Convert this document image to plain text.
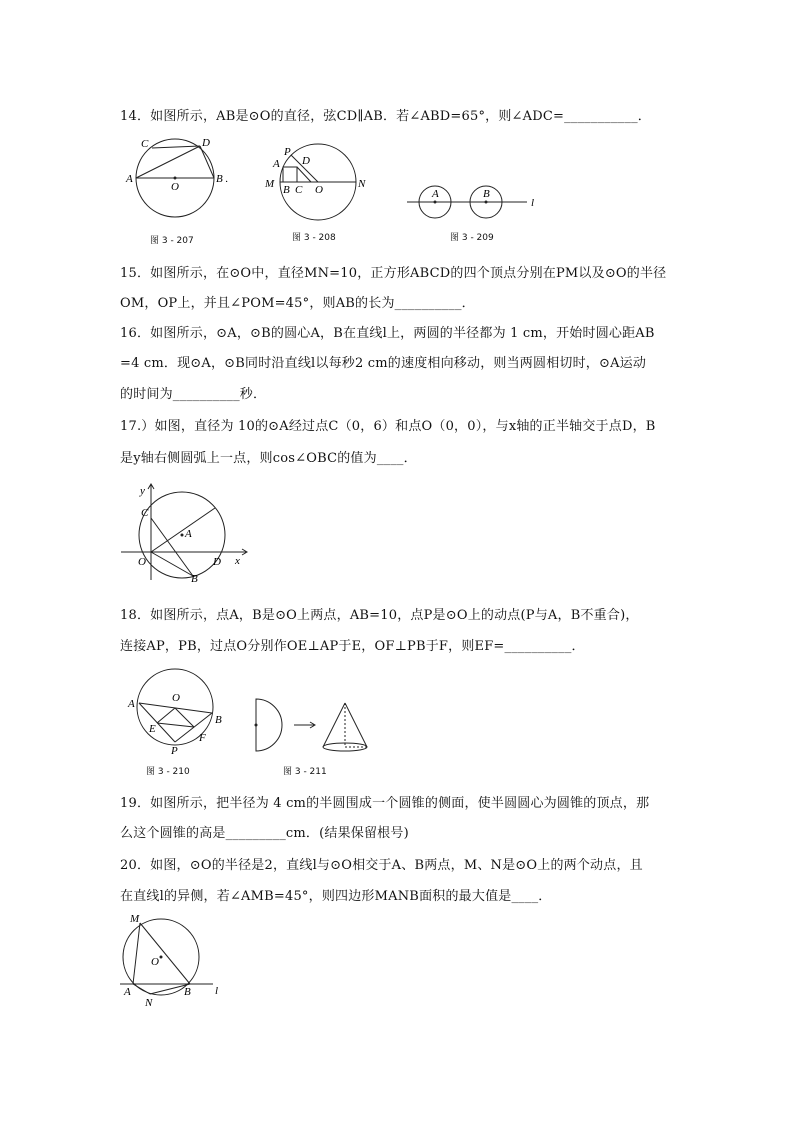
14．如图所示，AB是⊙O的直径，弦CD∥AB．若∠ABD=65°，则∠ADC=___________．
C	D
A
O
B .
图 3 - 207
P
A D
M B C O	N
图 3 - 208
A	B
l
图 3 - 209
15．如图所示，在⊙O中，直径MN=10，正方形ABCD的四个顶点分别在PM以及⊙O的半径
OM，OP上，并且∠POM=45°，则AB的长为__________．
16．如图所示，⊙A，⊙B的圆心A，B在直线l上，两圆的半径都为 1 cm，开始时圆心距AB
=4 cm．现⊙A，⊙B同时沿直线l以每秒2 cm的速度相向移动，则当两圆相切时，⊙A运动
的时间为__________秒．
17.）如图，直径为 10的⊙A经过点C（0，6）和点O（0，0），与x轴的正半轴交于点D，B
是y轴右侧圆弧上一点，则cos∠OBC的值为____．
y
C
A
O	D x
B
18．如图所示，点A，B是⊙O上两点，AB=10，点P是⊙O上的动点(P与A，B不重合)，
连接AP，PB，过点O分别作OE⊥AP于E，OF⊥PB于F，则EF=__________．
O
A
B
E
F
P
图 3 - 210	图 3 - 211
19．如图所示，把半径为 4 cm的半圆围成一个圆锥的侧面，使半圆圆心为圆锥的顶点，那
么这个圆锥的高是_________cm．(结果保留根号)
20．如图，⊙O的半径是2，直线l与⊙O相交于A、B两点，M、N是⊙O上的两个动点，且
在直线l的异侧，若∠AMB=45°，则四边形MANB面积的最大值是____．
M
O
A
N
B l
